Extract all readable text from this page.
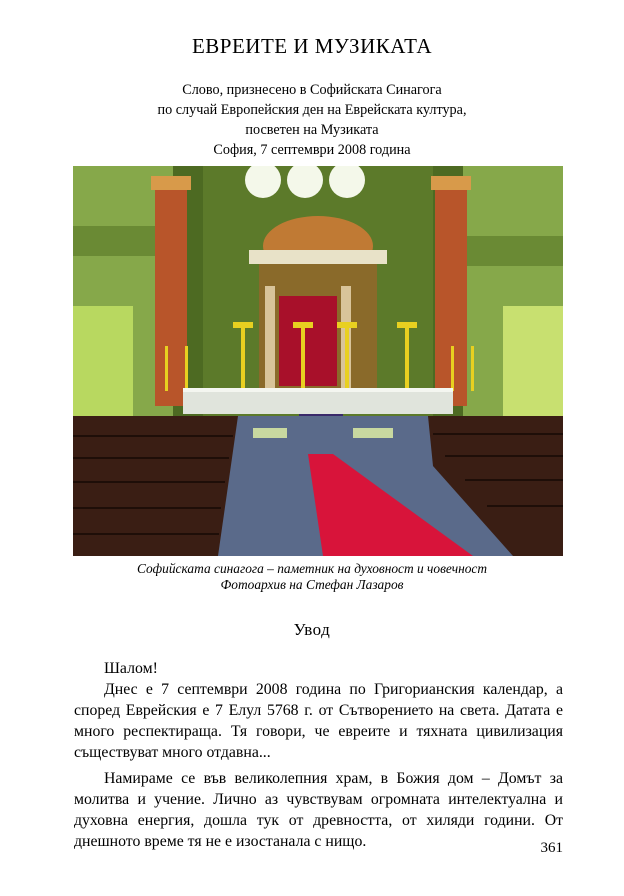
ЕВРЕИТЕ И МУЗИКАТА
Слово, признесено в Софийската Синагога
по случай Европейския ден на Еврейската култура,
посветен на Музиката
София, 7 септември 2008 година
Софийската синагога – паметник на духовност и човечност
Фотоархив на Стефан Лазаров
Увод

Шалом!

Днес е 7 септември 2008 година по Григорианския календар, а според Еврейския е 7 Елул 5768 г. от Сътворението на света. Датата е много респектираща. Тя говори, че евреите и тяхната цивилизация съществуват много отдавна...

Намираме се във великолепния храм, в Божия дом – Домът за молитва и учение. Лично аз чувствувам огромната интелектуална и духовна енергия, дошла тук от древността, от хиляди години. От днешното време тя не е изостанала с нищо.	361
